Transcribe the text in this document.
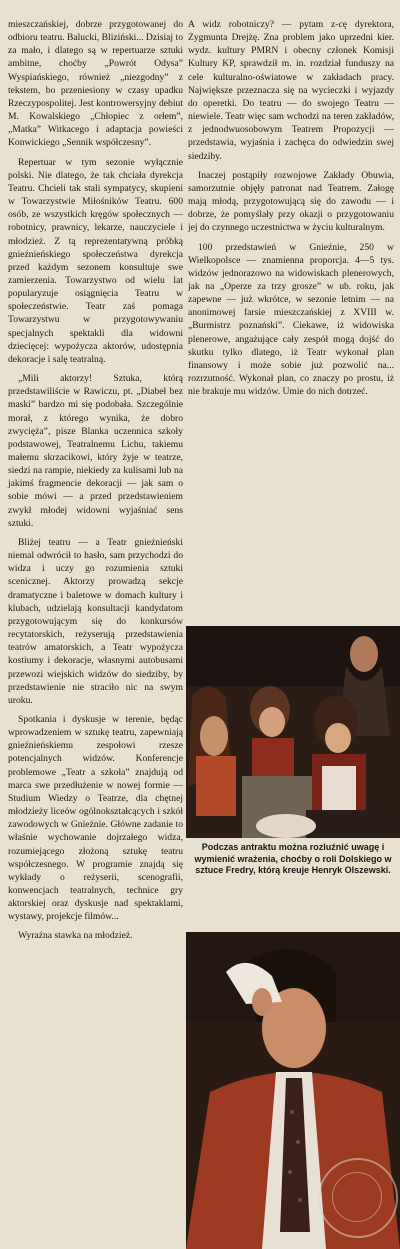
mieszczańskiej, dobrze przygotowanej do odbioru teatru. Balucki, Bliziński... Dzisiaj to za mało, i dlatego są w repertuarze sztuki ambitne, choćby „Powrót Odysa” Wyspiańskiego, również „niezgodny” z tekstem, bo przeniesiony w czasy upadku Rzeczypospolitej. Jest kontrowersyjny debiut M. Kowalskiego „Chłopiec z orłem”, „Matka” Witkacego i adaptacja powieści Konwickiego „Sennik współczesny”.

Repertuar w tym sezonie wyłącznie polski. Nie dlatego, że tak chciała dyrekcja Teatru. Chcieli tak stali sympatycy, skupieni w Towarzystwie Miłośników Teatru. 600 osób, ze wszystkich kręgów społecznych — robotnicy, prawnicy, lekarze, nauczyciele i młodzież. Z tą reprezentatywną próbką gnieźnieńskiego społeczeństwa dyrekcja przed każdym sezonem konsultuje swe zamierzenia. Towarzystwo od wielu lat popularyzuje osiągnięcia Teatru w społeczeństwie. Teatr zaś pomaga Towarzystwu w przygotowywaniu specjalnych spektakli dla widowni dziecięcej: wypożycza aktorów, udostępnia dekoracje i salę teatralną.

„Mili aktorzy! Sztuka, którą przedstawiliście w Rawiczu, pt. „Diabeł bez maski” bardzo mi się podobała. Szczególnie morał, z którego wynika, że dobro zwycięża”, pisze Blanka uczennica szkoły podstawowej, Teatralnemu Lichu, takiemu małemu skrzacikowi, który żyje w teatrze, siedzi na rampie, niekiedy za kulisami lub na jakimś fragmencie dekoracji — jak sam o sobie mówi — a przed przedstawieniem zwykł młodej widowni wyjaśniać sens sztuki.

Bliżej teatru — a Teatr gnieźnieński niemal odwrócił to hasło, sam przychodzi do widza i uczy go rozumienia sztuki scenicznej. Aktorzy prowadzą sekcje dramatyczne i baletowe w domach kultury i klubach, udzielają konsultacji kandydatom przygotowującym się do konkursów recytatorskich, reżyserują przedstawienia teatrów amatorskich, a Teatr wypożycza kostiumy i dekoracje, własnymi autobusami przewozi wiejskich widzów do siedziby, by przedstawienie nie straciło nic na swym uroku.

Spotkania i dyskusje w terenie, będąc wprowadzeniem w sztukę teatru, zapewniają gnieźnieńskiemu zespołowi rzesze potencjalnych widzów. Konferencje problemowe „Teatr a szkoła” znajdują od marca swe przedłużenie w nowej formie — Studium Wiedzy o Teatrze, dla chętnej młodzieży liceów ogólnokształcących i szkół zawodowych w Gnieźnie. Główne zadanie to właśnie wychowanie dojrzałego widza, rozumiejącego złożoną sztukę teatru współczesnego. W programie znajdą się wykłady o reżyserii, scenografii, konwencjach teatralnych, technice gry aktorskiej oraz dyskusje nad spektaklami, wystawy, projekcje filmów...

Wyraźna stawka na młodzież.

A widz robotniczy? — pytam z-cę dyrektora, Zygmunta Drejżę. Zna problem jako uprzedni kier. wydz. kultury PMRN i obecny członek Komisji Kultury KP, sprawdził m. in. rozdział funduszy na cele kulturalno-oświatowe w zakładach pracy. Największe przeznacza się na wycieczki i wyjazdy do operetki. Do teatru — do swojego Teatru — niewiele. Teatr więc sam wchodzi na teren zakładów, z jednodwuosobowym Teatrem Propozycji — przedstawia, wyjaśnia i zachęca do odwiedzin swej siedziby.

Inaczej postąpiły rozwojowe Zakłady Obuwia, samorzutnie objęły patronat nad Teatrem. Załogę mają młodą, przygotowującą się do zawodu — i dobrze, że pomyślały przy okazji o przygotowaniu jej do czynnego uczestnictwa w życiu kulturalnym.

100 przedstawień w Gnieźnie, 250 w Wielkopolsce — znamienna proporcja. 4—5 tys. widzów jednorazowo na widowiskach plenerowych, jak na „Operze za trzy grosze” w ub. roku, jak zapewne — już wkrótce, w sezonie letnim — na anonimowej farsie mieszczańskiej z XVIII w. „Burmistrz poznański”. Ciekawe, iż widowiska plenerowe, angażujące cały zespół mogą dojść do skutku tylko dlatego, iż Teatr wykonał plan finansowy i może sobie już pozwolić na... rozrzutność. Wykonał plan, co znaczy po prostu, iż nie brakuje mu widzów. Umie do nich dotrzeć.

Podczas antraktu można rozluźnić uwagę i wymienić wrażenia, choćby o roli Dolskiego w sztuce Fredry, którą kreuje Henryk Olszewski.
